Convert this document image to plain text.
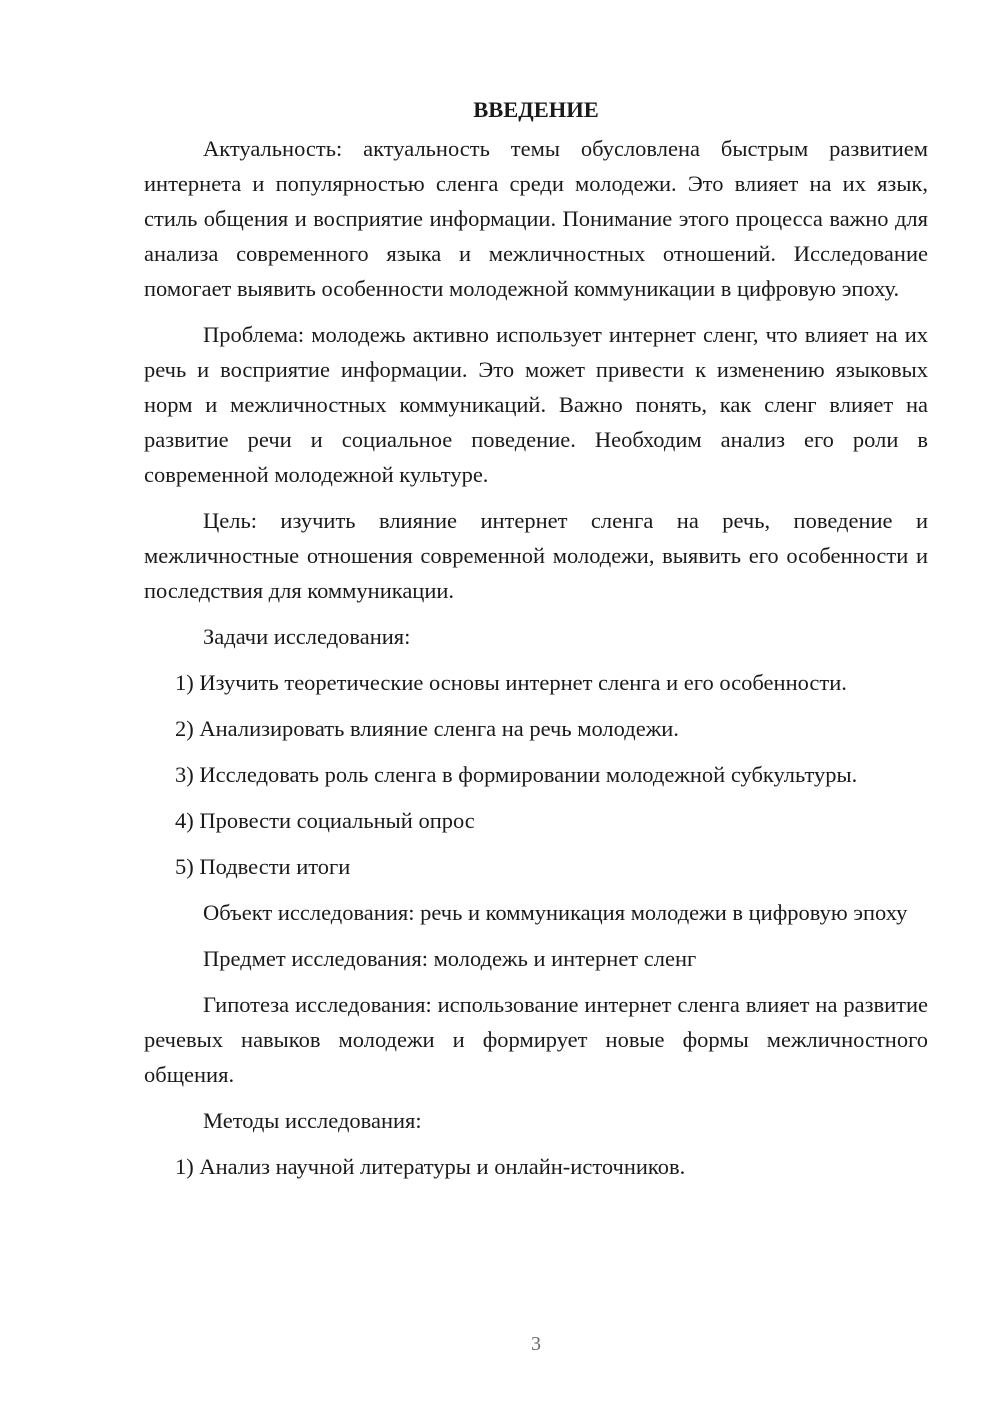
ВВЕДЕНИЕ

Актуальность: актуальность темы обусловлена быстрым развитием интернета и популярностью сленга среди молодежи. Это влияет на их язык, стиль общения и восприятие информации. Понимание этого процесса важно для анализа современного языка и межличностных отношений. Исследование помогает выявить особенности молодежной коммуникации в цифровую эпоху.

Проблема: молодежь активно использует интернет сленг, что влияет на их речь и восприятие информации. Это может привести к изменению языковых норм и межличностных коммуникаций. Важно понять, как сленг влияет на развитие речи и социальное поведение. Необходим анализ его роли в современной молодежной культуре.

Цель: изучить влияние интернет сленга на речь, поведение и межличностные отношения современной молодежи, выявить его особенности и последствия для коммуникации.

Задачи исследования:

1) Изучить теоретические основы интернет сленга и его особенности.

2) Анализировать влияние сленга на речь молодежи.

3) Исследовать роль сленга в формировании молодежной субкультуры.

4) Провести социальный опрос

5) Подвести итоги

Объект исследования: речь и коммуникация молодежи в цифровую эпоху

Предмет исследования: молодежь и интернет сленг

Гипотеза исследования: использование интернет сленга влияет на развитие речевых навыков молодежи и формирует новые формы межличностного общения.

Методы исследования:

1) Анализ научной литературы и онлайн-источников.

3
